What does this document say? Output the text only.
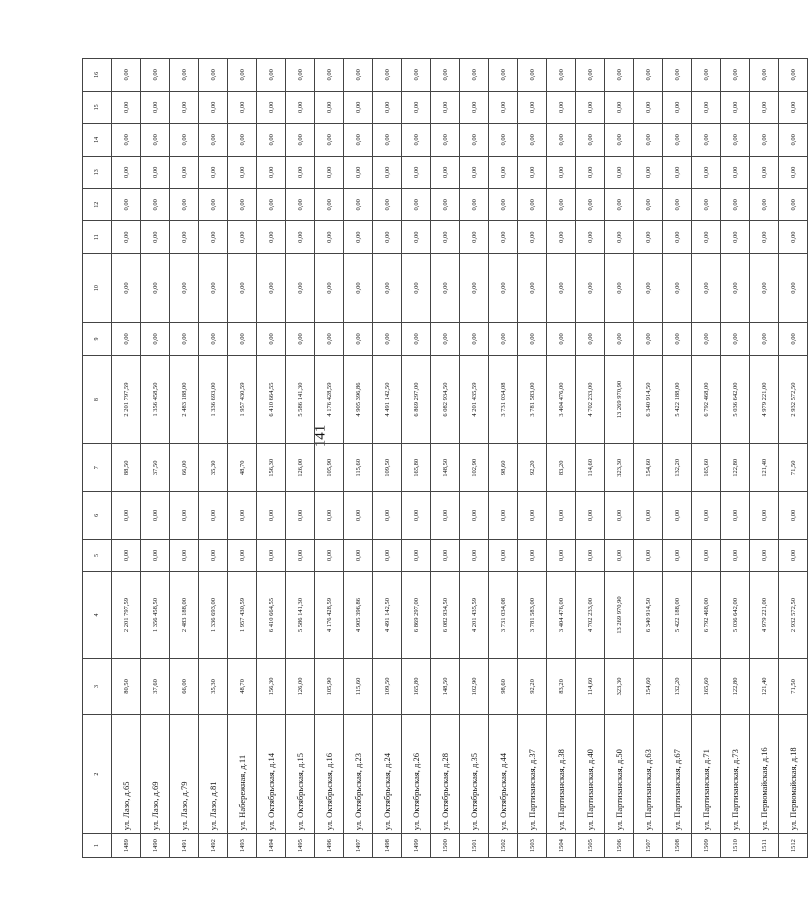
141
1	2	3	4	5	6	7	8	9	10	11	12	13	14	15	16
1489	ул. Лазо, д.65	80,50	2 201 797,59	0,00	0,00	88,50	2 201 797,59	0,00	0,00	0,00	0,00	0,00	0,00	0,00	0,00
1490	ул. Лазо, д.69	37,60	1 356 458,50	0,00	0,00	37,50	1 356 458,50	0,00	0,00	0,00	0,00	0,00	0,00	0,00	0,00
1491	ул. Лазо, д.79	66,00	2 483 188,00	0,00	0,00	66,00	2 483 188,00	0,00	0,00	0,00	0,00	0,00	0,00	0,00	0,00
1492	ул. Лазо, д.81	35,30	1 336 693,00	0,00	0,00	35,30	1 336 693,00	0,00	0,00	0,00	0,00	0,00	0,00	0,00	0,00
1493	ул. Набережная, д.11	48,70	1 957 430,59	0,00	0,00	48,70	1 957 430,59	0,00	0,00	0,00	0,00	0,00	0,00	0,00	0,00
1494	ул. Октябрьская, д.14	156,30	6 410 664,55	0,00	0,00	156,30	6 410 664,55	0,00	0,00	0,00	0,00	0,00	0,00	0,00	0,00
1495	ул. Октябрьская, д.15	126,00	5 586 141,30	0,00	0,00	126,00	5 586 141,30	0,00	0,00	0,00	0,00	0,00	0,00	0,00	0,00
1496	ул. Октябрьская, д.16	105,90	4 176 428,59	0,00	0,00	105,90	4 176 428,59	0,00	0,00	0,00	0,00	0,00	0,00	0,00	0,00
1497	ул. Октябрьская, д.23	115,60	4 905 396,86	0,00	0,00	115,60	4 905 396,86	0,00	0,00	0,00	0,00	0,00	0,00	0,00	0,00
1498	ул. Октябрьская, д.24	109,50	4 491 142,50	0,00	0,00	109,50	4 491 142,50	0,00	0,00	0,00	0,00	0,00	0,00	0,00	0,00
1499	ул. Октябрьская, д.26	165,80	6 869 297,00	0,00	0,00	165,80	6 869 297,00	0,00	0,00	0,00	0,00	0,00	0,00	0,00	0,00
1500	ул. Октябрьская, д.28	148,50	6 082 934,50	0,00	0,00	148,50	6 082 934,50	0,00	0,00	0,00	0,00	0,00	0,00	0,00	0,00
1501	ул. Октябрьская, д.35	102,90	4 201 435,59	0,00	0,00	102,90	4 201 435,59	0,00	0,00	0,00	0,00	0,00	0,00	0,00	0,00
1502	ул. Октябрьская, д.44	98,60	3 731 034,08	0,00	0,00	98,60	3 731 034,08	0,00	0,00	0,00	0,00	0,00	0,00	0,00	0,00
1503	ул. Партизанская, д.37	92,20	3 781 583,00	0,00	0,00	92,20	3 781 583,00	0,00	0,00	0,00	0,00	0,00	0,00	0,00	0,00
1504	ул. Партизанская, д.38	83,20	3 404 476,00	0,00	0,00	83,20	3 404 476,00	0,00	0,00	0,00	0,00	0,00	0,00	0,00	0,00
1505	ул. Партизанская, д.40	114,60	4 702 233,00	0,00	0,00	114,60	4 702 233,00	0,00	0,00	0,00	0,00	0,00	0,00	0,00	0,00
1506	ул. Партизанская, д.50	323,30	13 269 970,90	0,00	0,00	323,30	13 269 970,90	0,00	0,00	0,00	0,00	0,00	0,00	0,00	0,00
1507	ул. Партизанская, д.63	154,60	6 340 914,50	0,00	0,00	154,60	6 340 914,50	0,00	0,00	0,00	0,00	0,00	0,00	0,00	0,00
1508	ул. Партизанская, д.67	132,20	5 422 188,00	0,00	0,00	132,20	5 422 188,00	0,00	0,00	0,00	0,00	0,00	0,00	0,00	0,00
1509	ул. Партизанская, д.71	165,60	6 792 468,00	0,00	0,00	165,60	6 792 468,00	0,00	0,00	0,00	0,00	0,00	0,00	0,00	0,00
1510	ул. Партизанская, д.73	122,80	5 036 642,00	0,00	0,00	122,80	5 036 642,00	0,00	0,00	0,00	0,00	0,00	0,00	0,00	0,00
1511	ул. Первомайская, д.16	121,40	4 979 221,00	0,00	0,00	121,40	4 979 221,00	0,00	0,00	0,00	0,00	0,00	0,00	0,00	0,00
1512	ул. Первомайская, д.18	71,50	2 932 572,50	0,00	0,00	71,50	2 932 572,50	0,00	0,00	0,00	0,00	0,00	0,00	0,00	0,00
